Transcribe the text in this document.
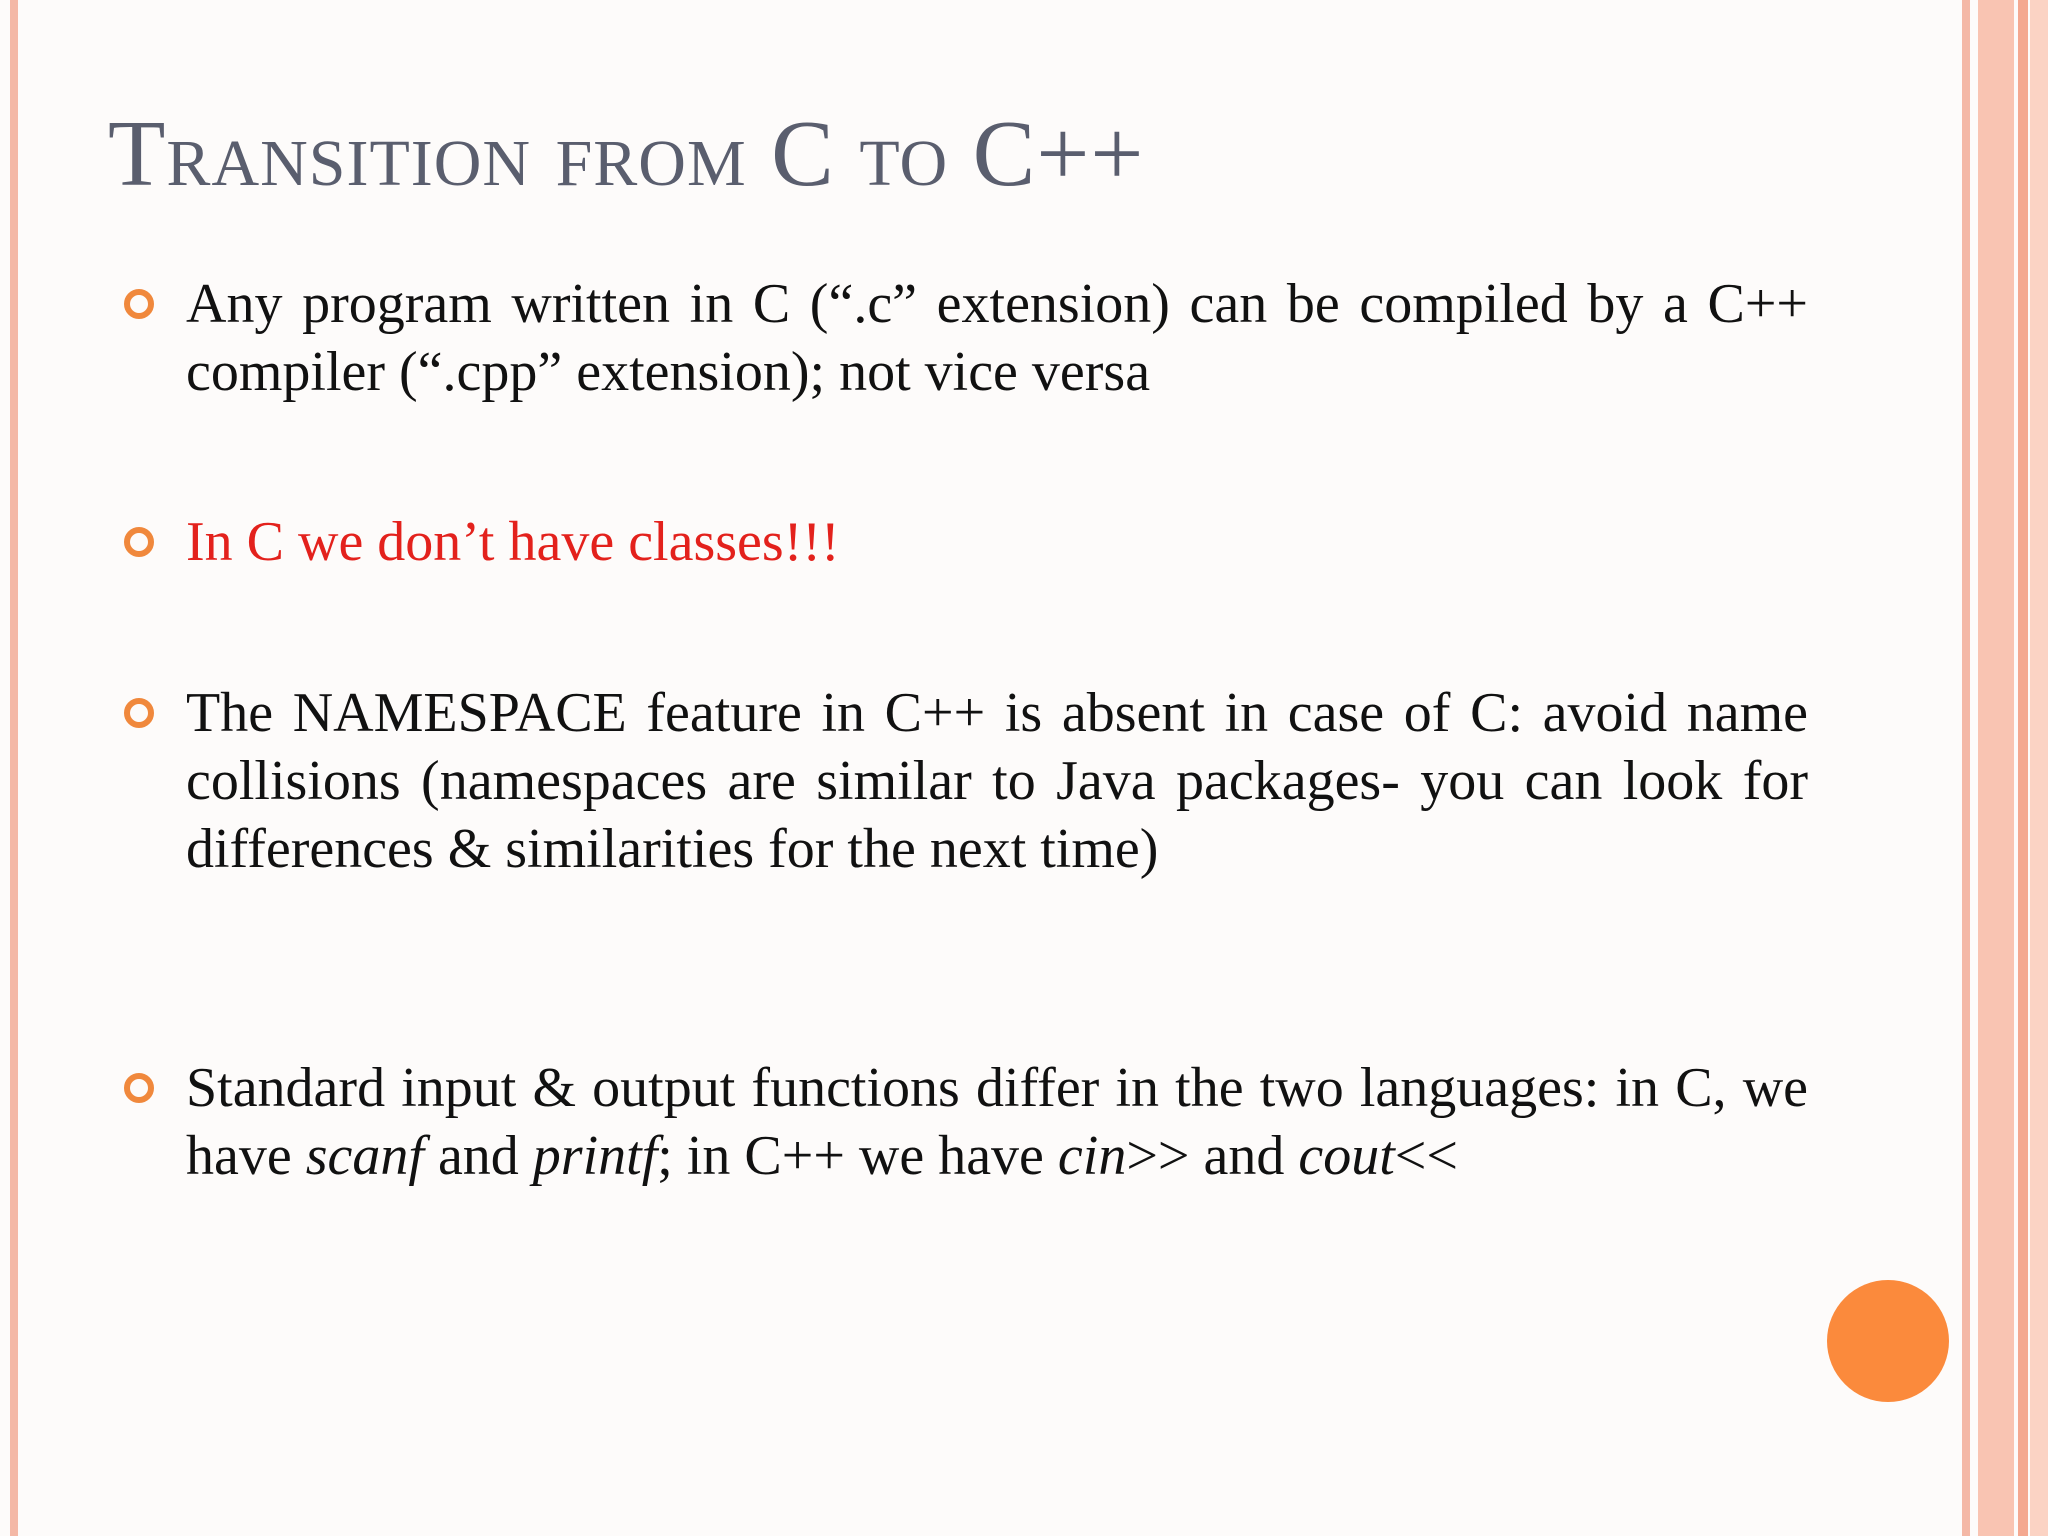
Transition from C to C++
Any program written in C (“.c” extension) can be compiled by a C++ compiler (“.cpp” extension); not vice versa
In C we don’t have classes!!!
The NAMESPACE feature in C++ is absent in case of C: avoid name collisions (namespaces are similar to Java packages- you can look for differences & similarities for the next time)
Standard input & output functions differ in the two languages: in C, we have scanf and printf; in C++ we have cin>> and cout<<
